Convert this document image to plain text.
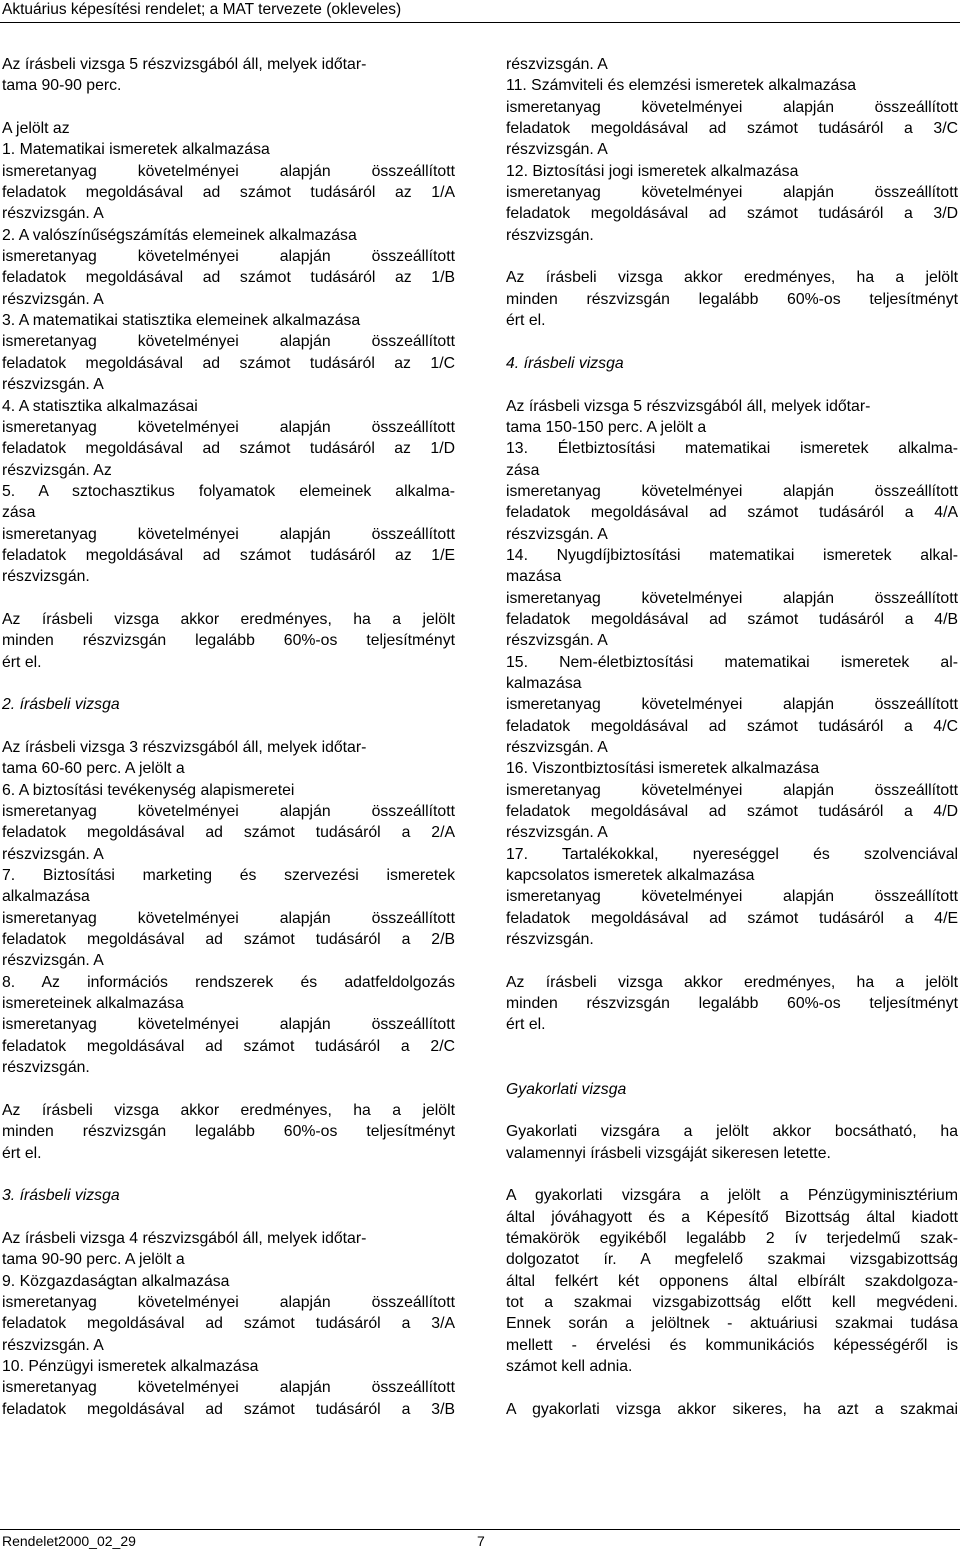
Aktuárius képesítési rendelet; a MAT tervezete (okleveles)

Az írásbeli vizsga 5 részvizsgából áll, melyek időtar-

tama 90-90 perc.

A jelölt az

1. Matematikai ismeretek alkalmazása

ismeretanyag követelményei alapján összeállított

feladatok megoldásával ad számot tudásáról az 1/A

részvizsgán. A

2. A valószínűségszámítás elemeinek alkalmazása

ismeretanyag követelményei alapján összeállított

feladatok megoldásával ad számot tudásáról az 1/B

részvizsgán. A

3. A matematikai statisztika elemeinek alkalmazása

ismeretanyag követelményei alapján összeállított

feladatok megoldásával ad számot tudásáról az 1/C

részvizsgán. A

4. A statisztika alkalmazásai

ismeretanyag követelményei alapján összeállított

feladatok megoldásával ad számot tudásáról az 1/D

részvizsgán. Az

5. A sztochasztikus folyamatok elemeinek alkalma-

zása

ismeretanyag követelményei alapján összeállított

feladatok megoldásával ad számot tudásáról az 1/E

részvizsgán.

Az írásbeli vizsga akkor eredményes, ha a jelölt

minden részvizsgán legalább 60%-os teljesítményt

ért el.

2. írásbeli vizsga

Az írásbeli vizsga 3 részvizsgából áll, melyek időtar-

tama 60-60 perc. A jelölt a

6. A biztosítási tevékenység alapismeretei

ismeretanyag követelményei alapján összeállított

feladatok megoldásával ad számot tudásáról a 2/A

részvizsgán. A

7. Biztosítási marketing és szervezési ismeretek

alkalmazása

ismeretanyag követelményei alapján összeállított

feladatok megoldásával ad számot tudásáról a 2/B

részvizsgán. A

8. Az információs rendszerek és adatfeldolgozás

ismereteinek alkalmazása

ismeretanyag követelményei alapján összeállított

feladatok megoldásával ad számot tudásáról a 2/C

részvizsgán.

Az írásbeli vizsga akkor eredményes, ha a jelölt

minden részvizsgán legalább 60%-os teljesítményt

ért el.

3. írásbeli vizsga

Az írásbeli vizsga 4 részvizsgából áll, melyek időtar-

tama 90-90 perc. A jelölt a

9. Közgazdaságtan alkalmazása

ismeretanyag követelményei alapján összeállított

feladatok megoldásával ad számot tudásáról a 3/A

részvizsgán. A

10. Pénzügyi ismeretek alkalmazása

ismeretanyag követelményei alapján összeállított

feladatok megoldásával ad számot tudásáról a 3/B

részvizsgán. A

11. Számviteli és elemzési ismeretek alkalmazása

ismeretanyag követelményei alapján összeállított

feladatok megoldásával ad számot tudásáról a 3/C

részvizsgán. A

12. Biztosítási jogi ismeretek alkalmazása

ismeretanyag követelményei alapján összeállított

feladatok megoldásával ad számot tudásáról a 3/D

részvizsgán.

Az írásbeli vizsga akkor eredményes, ha a jelölt

minden részvizsgán legalább 60%-os teljesítményt

ért el.

4. írásbeli vizsga

Az írásbeli vizsga 5 részvizsgából áll, melyek időtar-

tama 150-150 perc. A jelölt a

13. Életbiztosítási matematikai ismeretek alkalma-

zása

ismeretanyag követelményei alapján összeállított

feladatok megoldásával ad számot tudásáról a 4/A

részvizsgán. A

14. Nyugdíjbiztosítási matematikai ismeretek alkal-

mazása

ismeretanyag követelményei alapján összeállított

feladatok megoldásával ad számot tudásáról a 4/B

részvizsgán. A

15. Nem-életbiztosítási matematikai ismeretek al-

kalmazása

ismeretanyag követelményei alapján összeállított

feladatok megoldásával ad számot tudásáról a 4/C

részvizsgán. A

16. Viszontbiztosítási ismeretek alkalmazása

ismeretanyag követelményei alapján összeállított

feladatok megoldásával ad számot tudásáról a 4/D

részvizsgán. A

17. Tartalékokkal, nyereséggel és szolvenciával

kapcsolatos ismeretek alkalmazása

ismeretanyag követelményei alapján összeállított

feladatok megoldásával ad számot tudásáról a 4/E

részvizsgán.

Az írásbeli vizsga akkor eredményes, ha a jelölt

minden részvizsgán legalább 60%-os teljesítményt

ért el.

Gyakorlati vizsga

Gyakorlati vizsgára a jelölt akkor bocsátható, ha

valamennyi írásbeli vizsgáját sikeresen letette.

A gyakorlati vizsgára a jelölt a Pénzügyminisztérium

által jóváhagyott és a Képesítő Bizottság által kiadott

témakörök egyikéből legalább 2 ív terjedelmű szak-

dolgozatot ír. A megfelelő szakmai vizsgabizottság

által felkért két opponens által elbírált szakdolgoza-

tot a szakmai vizsgabizottság előtt kell megvédeni.

Ennek során a jelöltnek - aktuáriusi szakmai tudása

mellett - érvelési és kommunikációs képességéről is

számot kell adnia.

A gyakorlati vizsga akkor sikeres, ha azt a szakmai

Rendelet2000_02_29	7
